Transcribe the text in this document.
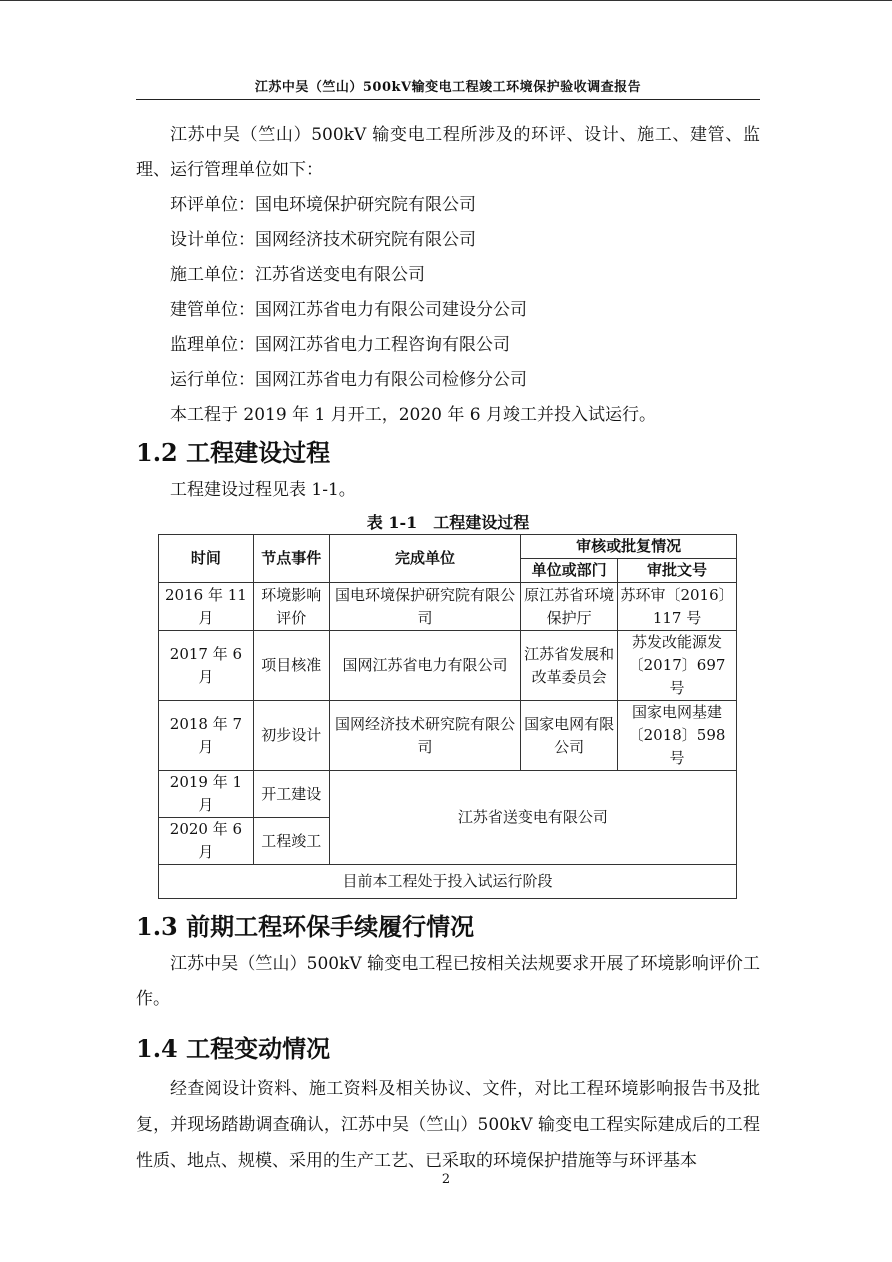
江苏中吴（竺山）500kV输变电工程竣工环境保护验收调查报告

江苏中吴（竺山）500kV 输变电工程所涉及的环评、设计、施工、建管、监理、运行管理单位如下：

环评单位：国电环境保护研究院有限公司

设计单位：国网经济技术研究院有限公司

施工单位：江苏省送变电有限公司

建管单位：国网江苏省电力有限公司建设分公司

监理单位：国网江苏省电力工程咨询有限公司

运行单位：国网江苏省电力有限公司检修分公司

本工程于 2019 年 1 月开工，2020 年 6 月竣工并投入试运行。

1.2 工程建设过程

工程建设过程见表 1-1。

表 1-1　工程建设过程
时间	节点事件	完成单位	审核或批复情况	
			单位或部门	审批文号
2016 年 11 月	环境影响评价	国电环境保护研究院有限公司	原江苏省环境保护厅	苏环审〔2016〕117 号
2017 年 6 月	项目核准	国网江苏省电力有限公司	江苏省发展和改革委员会	苏发改能源发〔2017〕697 号
2018 年 7 月	初步设计	国网经济技术研究院有限公司	国家电网有限公司	国家电网基建〔2018〕598 号
2019 年 1 月	开工建设	江苏省送变电有限公司		
2020 年 6 月	工程竣工			
目前本工程处于投入试运行阶段				
1.3 前期工程环保手续履行情况

江苏中吴（竺山）500kV 输变电工程已按相关法规要求开展了环境影响评价工作。

1.4 工程变动情况

经查阅设计资料、施工资料及相关协议、文件，对比工程环境影响报告书及批复，并现场踏勘调查确认，江苏中吴（竺山）500kV 输变电工程实际建成后的工程性质、地点、规模、采用的生产工艺、已采取的环境保护措施等与环评基本

2
